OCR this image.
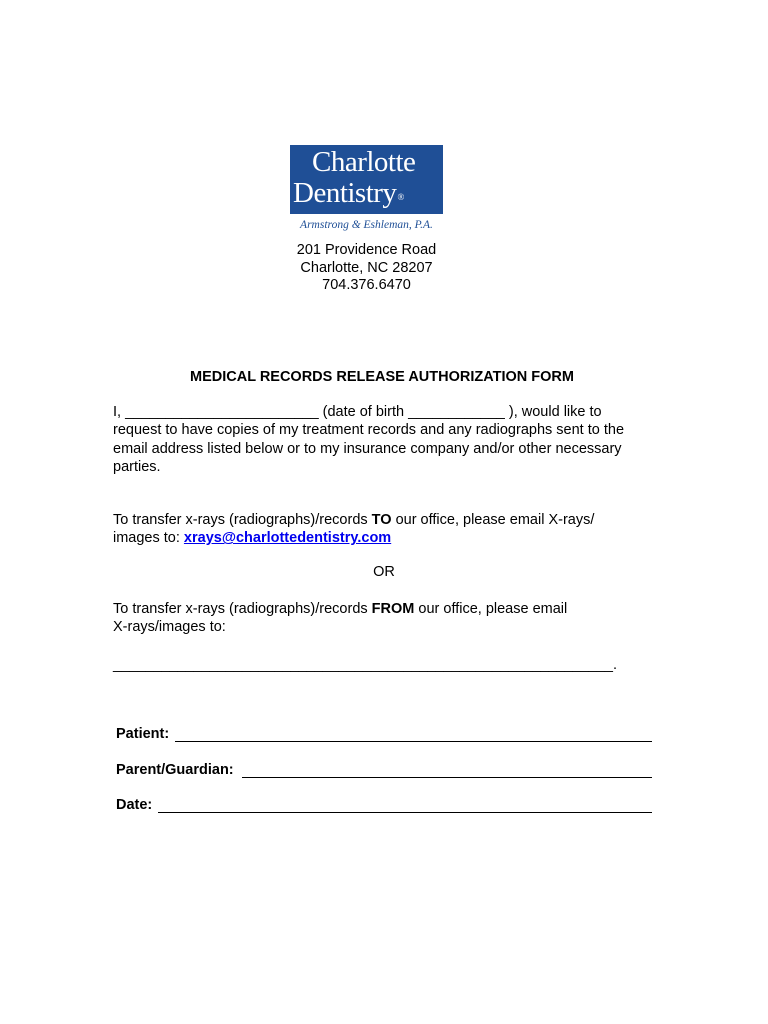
Charlotte
Dentistry®
Armstrong & Eshleman, P.A.
201 Providence Road
Charlotte, NC 28207
704.376.6470
MEDICAL RECORDS RELEASE AUTHORIZATION FORM
I, ________________________ (date of birth ____________ ), would like to
request to have copies of my treatment records and any radiographs sent to the
email address listed below or to my insurance company and/or other necessary
parties.
To transfer x-rays (radiographs)/records TO our office, please email X-rays/
images to: xrays@charlottedentistry.com
OR
To transfer x-rays (radiographs)/records FROM our office, please email
X-rays/images to:
______________________________________________________________.
Patient:
Parent/Guardian:
Date:
